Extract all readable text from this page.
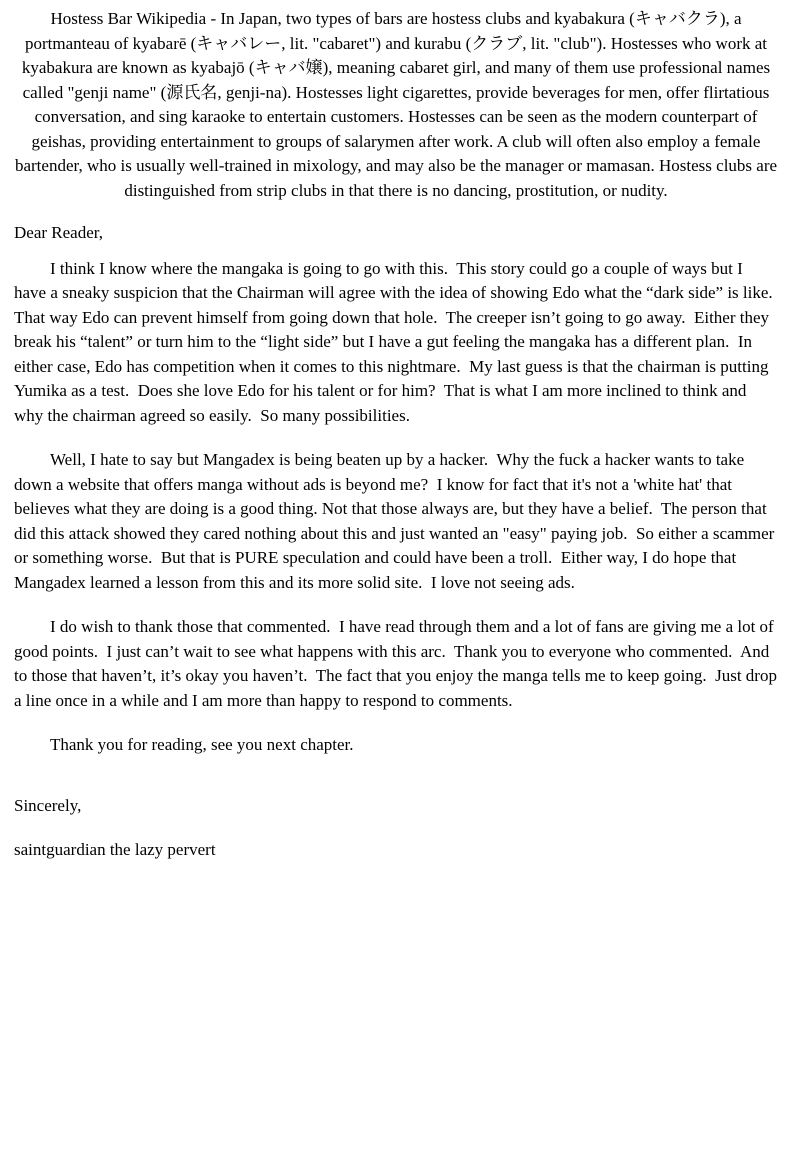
Hostess Bar Wikipedia - In Japan, two types of bars are hostess clubs and kyabakura (キャバクラ), a portmanteau of kyabarē (キャバレー, lit. "cabaret") and kurabu (クラブ, lit. "club"). Hostesses who work at kyabakura are known as kyabajō (キャバ嬢), meaning cabaret girl, and many of them use professional names called "genji name" (源氏名, genji-na). Hostesses light cigarettes, provide beverages for men, offer flirtatious conversation, and sing karaoke to entertain customers. Hostesses can be seen as the modern counterpart of geishas, providing entertainment to groups of salarymen after work. A club will often also employ a female bartender, who is usually well-trained in mixology, and may also be the manager or mamasan. Hostess clubs are distinguished from strip clubs in that there is no dancing, prostitution, or nudity.

Dear Reader,

I think I know where the mangaka is going to go with this.  This story could go a couple of ways but I have a sneaky suspicion that the Chairman will agree with the idea of showing Edo what the “dark side” is like.  That way Edo can prevent himself from going down that hole.  The creeper isn’t going to go away.  Either they break his “talent” or turn him to the “light side” but I have a gut feeling the mangaka has a different plan.  In either case, Edo has competition when it comes to this nightmare.  My last guess is that the chairman is putting Yumika as a test.  Does she love Edo for his talent or for him?  That is what I am more inclined to think and why the chairman agreed so easily.  So many possibilities.

Well, I hate to say but Mangadex is being beaten up by a hacker.  Why the fuck a hacker wants to take down a website that offers manga without ads is beyond me?  I know for fact that it's not a 'white hat' that believes what they are doing is a good thing. Not that those always are, but they have a belief.  The person that did this attack showed they cared nothing about this and just wanted an "easy" paying job.  So either a scammer or something worse.  But that is PURE speculation and could have been a troll.  Either way, I do hope that Mangadex learned a lesson from this and its more solid site.  I love not seeing ads.

I do wish to thank those that commented.  I have read through them and a lot of fans are giving me a lot of good points.  I just can’t wait to see what happens with this arc.  Thank you to everyone who commented.  And to those that haven’t, it’s okay you haven’t.  The fact that you enjoy the manga tells me to keep going.  Just drop a line once in a while and I am more than happy to respond to comments.

Thank you for reading, see you next chapter.

Sincerely,

saintguardian the lazy pervert
